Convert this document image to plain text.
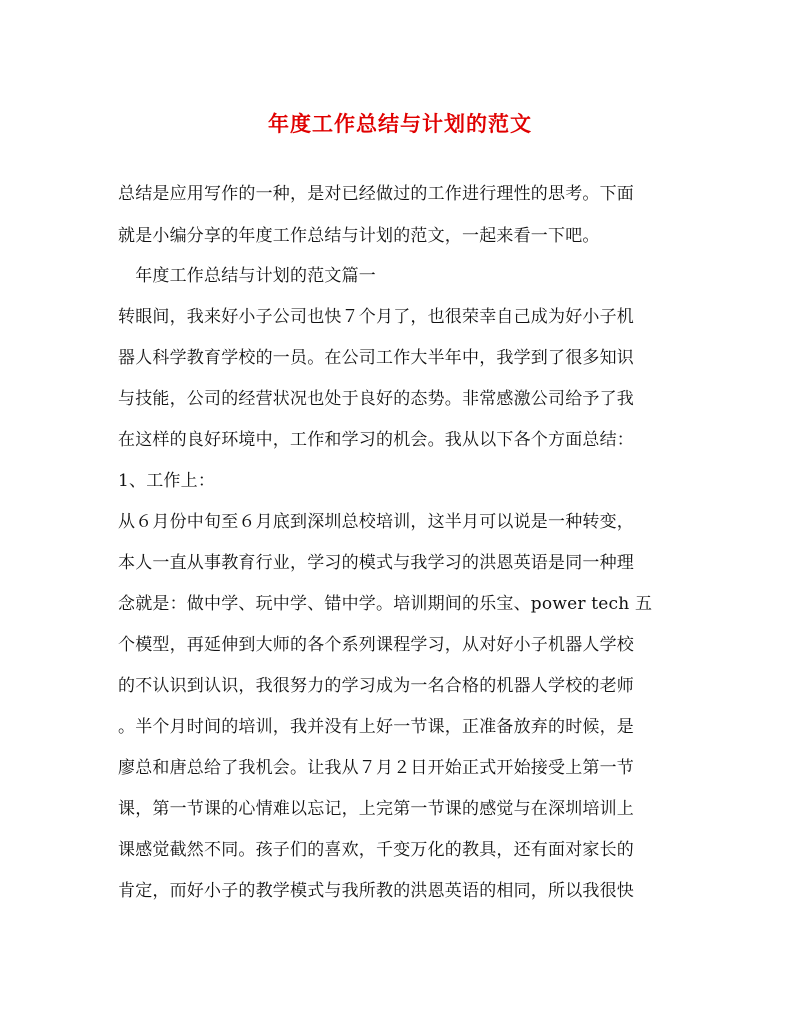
年度工作总结与计划的范文
总结是应用写作的一种，是对已经做过的工作进行理性的思考。下面
就是小编分享的年度工作总结与计划的范文，一起来看一下吧。
　年度工作总结与计划的范文篇一
转眼间，我来好小子公司也快７个月了，也很荣幸自己成为好小子机
器人科学教育学校的一员。在公司工作大半年中，我学到了很多知识
与技能，公司的经营状况也处于良好的态势。非常感激公司给予了我
在这样的良好环境中，工作和学习的机会。我从以下各个方面总结：
1、工作上：
从６月份中旬至６月底到深圳总校培训，这半月可以说是一种转变，
本人一直从事教育行业，学习的模式与我学习的洪恩英语是同一种理
念就是：做中学、玩中学、错中学。培训期间的乐宝、power tech 五
个模型，再延伸到大师的各个系列课程学习，从对好小子机器人学校
的不认识到认识，我很努力的学习成为一名合格的机器人学校的老师
。半个月时间的培训，我并没有上好一节课，正准备放弃的时候，是
廖总和唐总给了我机会。让我从７月２日开始正式开始接受上第一节
课，第一节课的心情难以忘记，上完第一节课的感觉与在深圳培训上
课感觉截然不同。孩子们的喜欢，千变万化的教具，还有面对家长的
肯定，而好小子的教学模式与我所教的洪恩英语的相同，所以我很快
